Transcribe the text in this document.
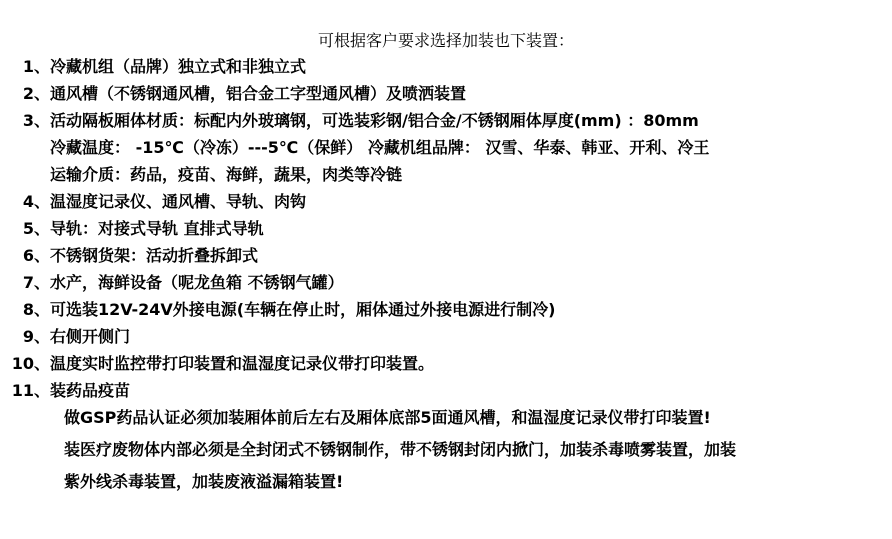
可根据客户要求选择加装也下装置：
1、冷藏机组（品牌）独立式和非独立式
2、通风槽（不锈钢通风槽，铝合金工字型通风槽）及喷洒装置
3、活动隔板厢体材质：标配内外玻璃钢，可选装彩钢/铝合金/不锈钢厢体厚度(mm) ：80mm
冷藏温度： -15℃（冷冻）---5℃（保鲜） 冷藏机组品牌： 汉雪、华泰、韩亚、开利、冷王
运输介质：药品，疫苗、海鲜，蔬果，肉类等冷链
4、温湿度记录仪、通风槽、导轨、肉钩
5、导轨：对接式导轨 直排式导轨
6、不锈钢货架：活动折叠拆卸式
7、水产，海鲜设备（呢龙鱼箱 不锈钢气罐）
8、可选装12V-24V外接电源(车辆在停止时，厢体通过外接电源进行制冷)
9、右侧开侧门
10、温度实时监控带打印装置和温湿度记录仪带打印装置。
11、装药品疫苗
做GSP药品认证必须加装厢体前后左右及厢体底部5面通风槽，和温湿度记录仪带打印装置!
装医疗废物体内部必须是全封闭式不锈钢制作，带不锈钢封闭内掀门，加装杀毒喷雾装置，加装
紫外线杀毒装置，加装废液溢漏箱装置!
